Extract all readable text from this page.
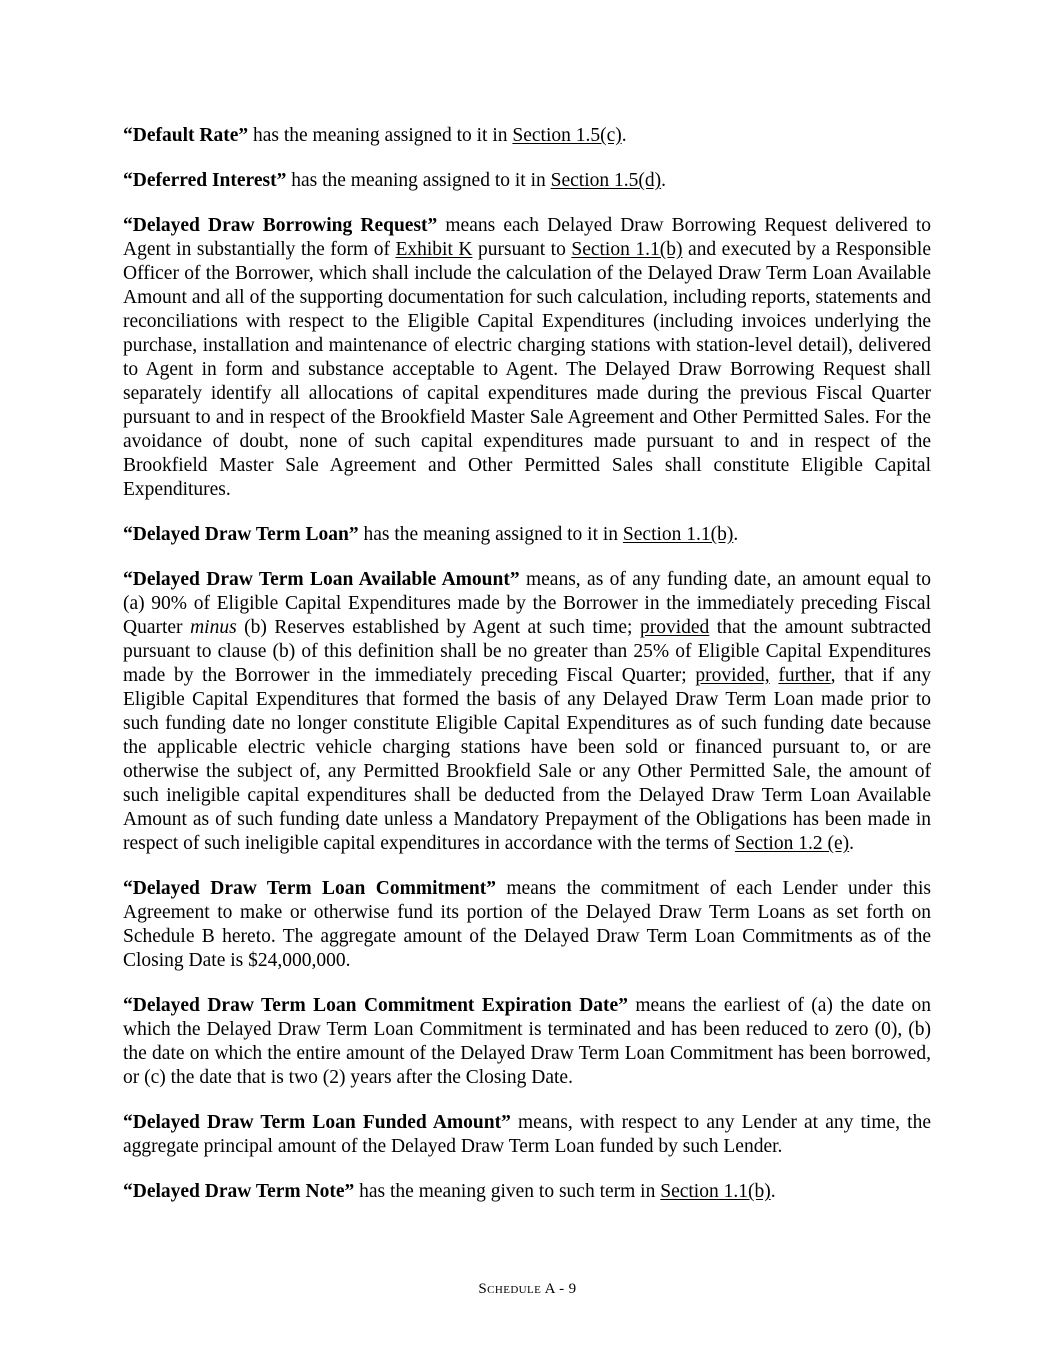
“Default Rate” has the meaning assigned to it in Section 1.5(c).

“Deferred Interest” has the meaning assigned to it in Section 1.5(d).

“Delayed Draw Borrowing Request” means each Delayed Draw Borrowing Request delivered to Agent in substantially the form of Exhibit K pursuant to Section 1.1(b) and executed by a Responsible Officer of the Borrower, which shall include the calculation of the Delayed Draw Term Loan Available Amount and all of the supporting documentation for such calculation, including reports, statements and reconciliations with respect to the Eligible Capital Expenditures (including invoices underlying the purchase, installation and maintenance of electric charging stations with station-level detail), delivered to Agent in form and substance acceptable to Agent. The Delayed Draw Borrowing Request shall separately identify all allocations of capital expenditures made during the previous Fiscal Quarter pursuant to and in respect of the Brookfield Master Sale Agreement and Other Permitted Sales. For the avoidance of doubt, none of such capital expenditures made pursuant to and in respect of the Brookfield Master Sale Agreement and Other Permitted Sales shall constitute Eligible Capital Expenditures.

“Delayed Draw Term Loan” has the meaning assigned to it in Section 1.1(b).

“Delayed Draw Term Loan Available Amount” means, as of any funding date, an amount equal to (a) 90% of Eligible Capital Expenditures made by the Borrower in the immediately preceding Fiscal Quarter minus (b) Reserves established by Agent at such time; provided that the amount subtracted pursuant to clause (b) of this definition shall be no greater than 25% of Eligible Capital Expenditures made by the Borrower in the immediately preceding Fiscal Quarter; provided, further, that if any Eligible Capital Expenditures that formed the basis of any Delayed Draw Term Loan made prior to such funding date no longer constitute Eligible Capital Expenditures as of such funding date because the applicable electric vehicle charging stations have been sold or financed pursuant to, or are otherwise the subject of, any Permitted Brookfield Sale or any Other Permitted Sale, the amount of such ineligible capital expenditures shall be deducted from the Delayed Draw Term Loan Available Amount as of such funding date unless a Mandatory Prepayment of the Obligations has been made in respect of such ineligible capital expenditures in accordance with the terms of Section 1.2 (e).

“Delayed Draw Term Loan Commitment” means the commitment of each Lender under this Agreement to make or otherwise fund its portion of the Delayed Draw Term Loans as set forth on Schedule B hereto. The aggregate amount of the Delayed Draw Term Loan Commitments as of the Closing Date is $24,000,000.

“Delayed Draw Term Loan Commitment Expiration Date” means the earliest of (a) the date on which the Delayed Draw Term Loan Commitment is terminated and has been reduced to zero (0), (b) the date on which the entire amount of the Delayed Draw Term Loan Commitment has been borrowed, or (c) the date that is two (2) years after the Closing Date.

“Delayed Draw Term Loan Funded Amount” means, with respect to any Lender at any time, the aggregate principal amount of the Delayed Draw Term Loan funded by such Lender.

“Delayed Draw Term Note” has the meaning given to such term in Section 1.1(b).

Schedule A - 9
